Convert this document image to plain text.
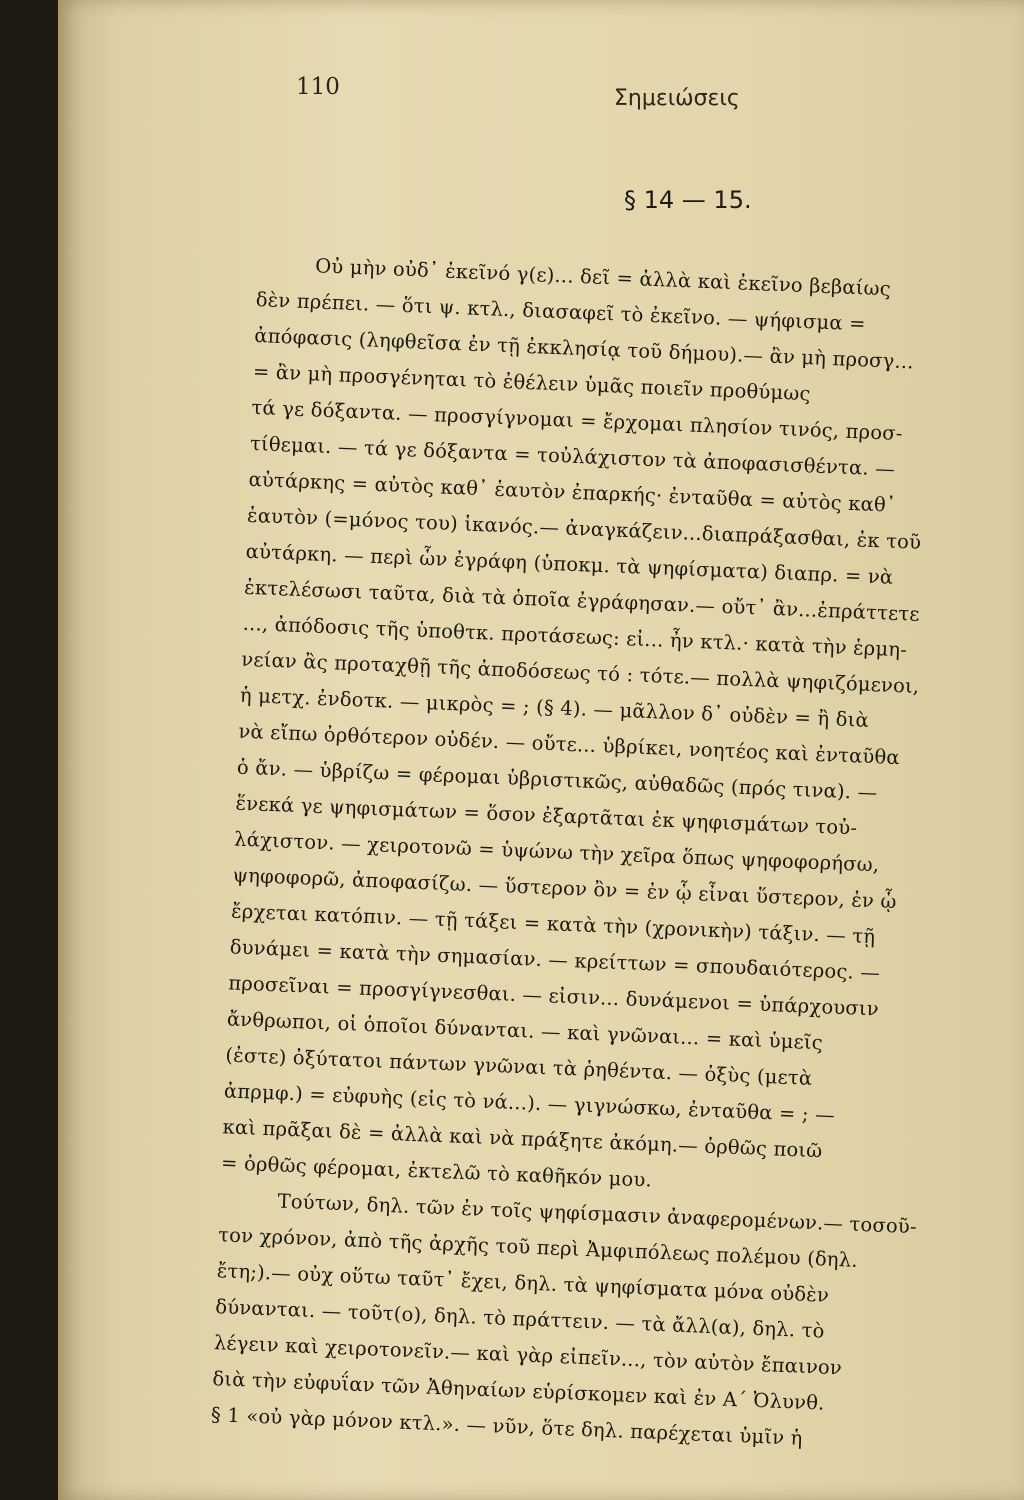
110	Σημειώσεις
§ 14 — 15.
Οὐ μὴν οὐδ᾽ ἐκεῖνό γ(ε)... δεῖ = ἀλλὰ καὶ ἐκεῖνο βεβαίως
δὲν πρέπει. — ὅτι ψ. κτλ., διασαφεῖ τὸ ἐκεῖνο. — ψήφισμα =
ἀπόφασις (ληφθεῖσα ἐν τῇ ἐκκλησίᾳ τοῦ δήμου).— ἂν μὴ προσγ...
= ἂν μὴ προσγένηται τὸ ἐθέλειν ὑμᾶς ποιεῖν προθύμως
τά γε δόξαντα. — προσγίγνομαι = ἔρχομαι πλησίον τινός, προσ-
τίθεμαι. — τά γε δόξαντα = τοὐλάχιστον τὰ ἀποφασισθέντα. —
αὐτάρκης = αὐτὸς καθ᾽ ἑαυτὸν ἐπαρκής· ἐνταῦθα = αὐτὸς καθ᾽
ἑαυτὸν (=μόνος του) ἱκανός.— ἀναγκάζειν...διαπράξασθαι, ἐκ τοῦ
αὐτάρκη. — περὶ ὧν ἐγράφη (ὑποκμ. τὰ ψηφίσματα) διαπρ. = νὰ
ἐκτελέσωσι ταῦτα, διὰ τὰ ὁποῖα ἐγράφησαν.— οὔτ᾽ ἂν...ἐπράττετε
..., ἀπόδοσις τῆς ὑποθτκ. προτάσεως: εἰ... ἦν κτλ.· κατὰ τὴν ἑρμη-
νείαν ἂς προταχθῇ τῆς ἀποδόσεως τό : τότε.— πολλὰ ψηφιζόμενοι,
ἡ μετχ. ἐνδοτκ. — μικρὸς = ; (§ 4). — μᾶλλον δ᾽ οὐδὲν = ἢ διὰ
νὰ εἴπω ὀρθότερον οὐδέν. — οὔτε... ὑβρίκει, νοητέος καὶ ἐνταῦθα
ὁ ἄν. — ὑβρίζω = φέρομαι ὑβριστικῶς, αὐθαδῶς (πρός τινα). —
ἕνεκά γε ψηφισμάτων = ὅσον ἐξαρτᾶται ἐκ ψηφισμάτων τοὐ-
λάχιστον. — χειροτονῶ = ὑψώνω τὴν χεῖρα ὅπως ψηφοφορήσω,
ψηφοφορῶ, ἀποφασίζω. — ὕστερον ὂν = ἐν ᾧ εἶναι ὕστερον, ἐν ᾧ
ἔρχεται κατόπιν. — τῇ τάξει = κατὰ τὴν (χρονικὴν) τάξιν. — τῇ
δυνάμει = κατὰ τὴν σημασίαν. — κρείττων = σπουδαιότερος. —
προσεῖναι = προσγίγνεσθαι. — εἰσιν... δυνάμενοι = ὑπάρχουσιν
ἄνθρωποι, οἱ ὁποῖοι δύνανται. — καὶ γνῶναι... = καὶ ὑμεῖς
(ἐστε) ὀξύτατοι πάντων γνῶναι τὰ ῥηθέντα. — ὀξὺς (μετὰ
ἀπρμφ.) = εὐφυὴς (εἰς τὸ νά...). — γιγνώσκω, ἐνταῦθα = ; —
καὶ πρᾶξαι δὲ = ἀλλὰ καὶ νὰ πράξητε ἀκόμη.— ὀρθῶς ποιῶ
= ὀρθῶς φέρομαι, ἐκτελῶ τὸ καθῆκόν μου.
Τούτων, δηλ. τῶν ἐν τοῖς ψηφίσμασιν ἀναφερομένων.— τοσοῦ-
τον χρόνον, ἀπὸ τῆς ἀρχῆς τοῦ περὶ Ἀμφιπόλεως πολέμου (δηλ.
ἔτη;).— οὐχ οὕτω ταῦτ᾽ ἔχει, δηλ. τὰ ψηφίσματα μόνα οὐδὲν
δύνανται. — τοῦτ(ο), δηλ. τὸ πράττειν. — τὰ ἄλλ(α), δηλ. τὸ
λέγειν καὶ χειροτονεῖν.— καὶ γὰρ εἰπεῖν..., τὸν αὐτὸν ἔπαινον
διὰ τὴν εὐφυΐαν τῶν Ἀθηναίων εὑρίσκομεν καὶ ἐν Α´ Ὀλυνθ.
§ 1 «οὐ γὰρ μόνον κτλ.». — νῦν, ὅτε δηλ. παρέχεται ὑμῖν ἡ
